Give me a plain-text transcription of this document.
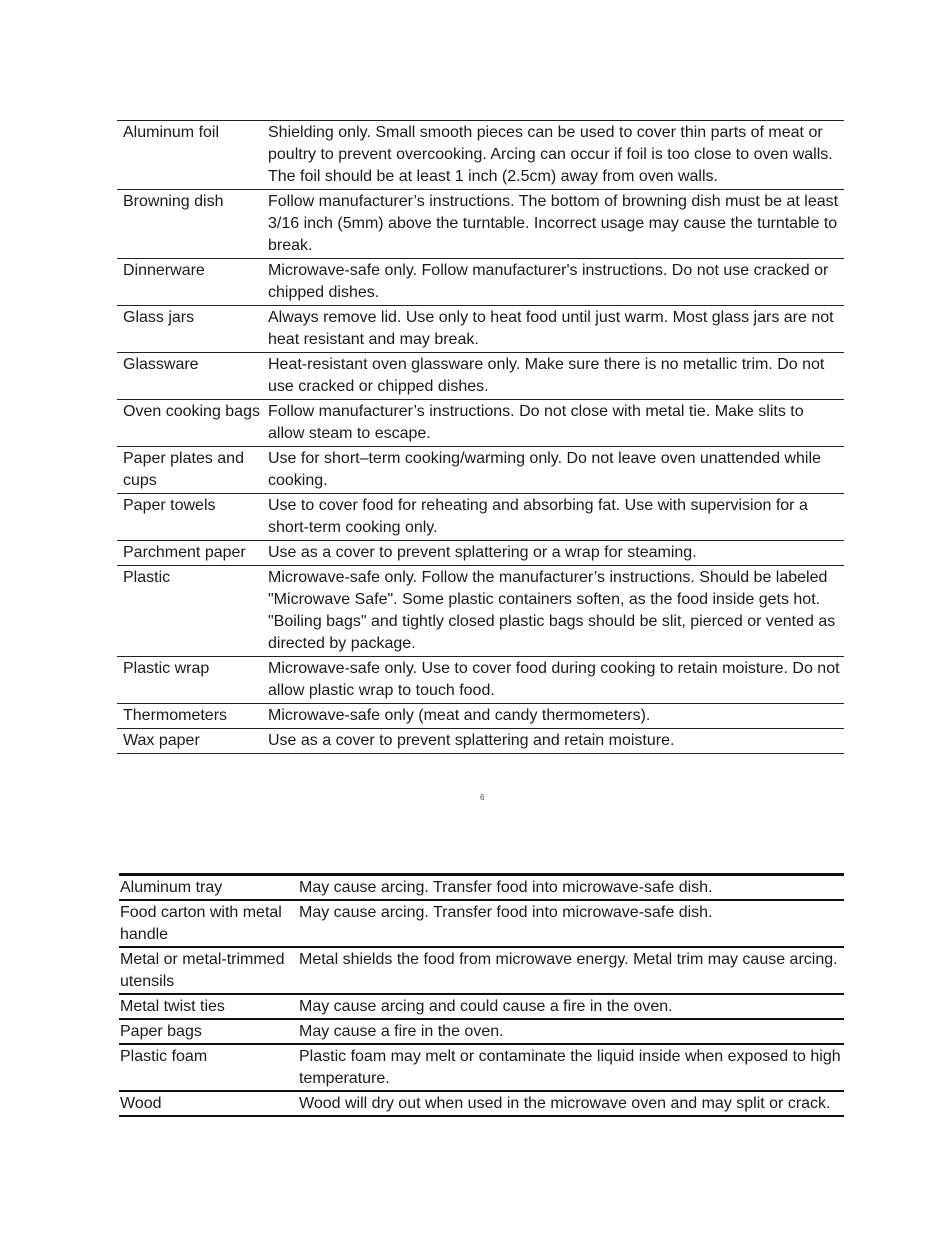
Aluminum foil	Shielding only. Small smooth pieces can be used to cover thin parts of meat or poultry to prevent overcooking. Arcing can occur if foil is too close to oven walls. The foil should be at least 1 inch (2.5cm) away from oven walls.
Browning dish	Follow manufacturer’s instructions. The bottom of browning dish must be at least 3/16 inch (5mm) above the turntable. Incorrect usage may cause the turntable to break.
Dinnerware	Microwave-safe only. Follow manufacturer's instructions. Do not use cracked or chipped dishes.
Glass jars	Always remove lid. Use only to heat food until just warm. Most glass jars are not heat resistant and may break.
Glassware	Heat-resistant oven glassware only. Make sure there is no metallic trim. Do not use cracked or chipped dishes.
Oven cooking bags	Follow manufacturer’s instructions. Do not close with metal tie. Make slits to allow steam to escape.
Paper plates and cups	Use for short–term cooking/warming only. Do not leave oven unattended while cooking.
Paper towels	Use to cover food for reheating and absorbing fat. Use with supervision for a short-term cooking only.
Parchment paper	Use as a cover to prevent splattering or a wrap for steaming.
Plastic	Microwave-safe only. Follow the manufacturer’s instructions. Should be labeled "Microwave Safe". Some plastic containers soften, as the food inside gets hot. "Boiling bags" and tightly closed plastic bags should be slit, pierced or vented as directed by package.
Plastic wrap	Microwave-safe only. Use to cover food during cooking to retain moisture. Do not allow plastic wrap to touch food.
Thermometers	Microwave-safe only (meat and candy thermometers).
Wax paper	Use as a cover to prevent splattering and retain moisture.
6
Aluminum tray	May cause arcing. Transfer food into microwave-safe dish.
Food carton with metal handle	May cause arcing. Transfer food into microwave-safe dish.
Metal or metal-trimmed utensils	Metal shields the food from microwave energy. Metal trim may cause arcing.
Metal twist ties	May cause arcing and could cause a fire in the oven.
Paper bags	May cause a fire in the oven.
Plastic foam	Plastic foam may melt or contaminate the liquid inside when exposed to high temperature.
Wood	Wood will dry out when used in the microwave oven and may split or crack.
